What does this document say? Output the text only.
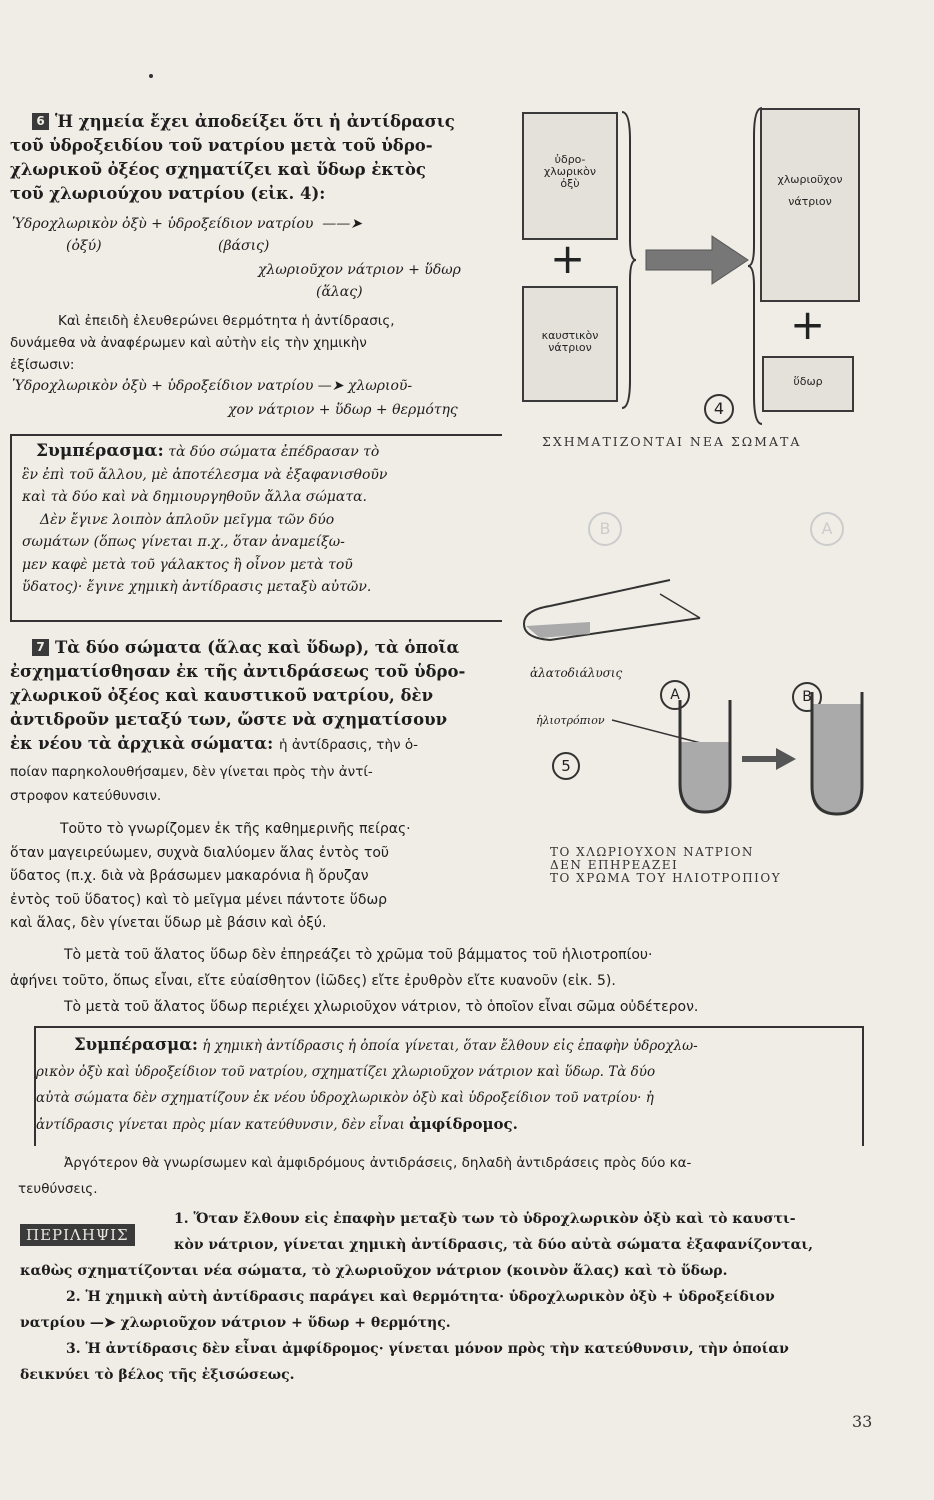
6 Ἡ χημεία ἔχει ἀποδείξει ὅτι ἡ ἀντίδρασις
τοῦ ὑδροξειδίου τοῦ νατρίου μετὰ τοῦ ὑδρο-
χλωρικοῦ ὀξέος σχηματίζει καὶ ὕδωρ ἐκτὸς
τοῦ χλωριούχου νατρίου (εἰκ. 4):
Ὑδροχλωρικὸν ὀξὺ + ὑδροξείδιον νατρίου  ——➤
(ὀξύ)	(βάσις)
χλωριοῦχον νάτριον + ὕδωρ
(ἅλας)
Καὶ ἐπειδὴ ἐλευθερώνει θερμότητα ἡ ἀντίδρασις,
δυνάμεθα νὰ ἀναφέρωμεν καὶ αὐτὴν εἰς τὴν χημικὴν
ἐξίσωσιν:
Ὑδροχλωρικὸν ὀξὺ + ὑδροξείδιον νατρίου —➤ χλωριοῦ-
χον νάτριον + ὕδωρ + θερμότης
Συμπέρασμα: τὰ δύο σώματα ἐπέδρασαν τὸ
ἓν ἐπὶ τοῦ ἄλλου, μὲ ἀποτέλεσμα νὰ ἐξαφανισθοῦν
καὶ τὰ δύο καὶ νὰ δημιουργηθοῦν ἄλλα σώματα.
Δὲν ἔγινε λοιπὸν ἁπλοῦν μεῖγμα τῶν δύο
σωμάτων (ὅπως γίνεται π.χ., ὅταν ἀναμείξω-
μεν καφὲ μετὰ τοῦ γάλακτος ἢ οἶνον μετὰ τοῦ
ὕδατος)· ἔγινε χημικὴ ἀντίδρασις μεταξὺ αὐτῶν.
7 Τὰ δύο σώματα (ἅλας καὶ ὕδωρ), τὰ ὁποῖα
ἐσχηματίσθησαν ἐκ τῆς ἀντιδράσεως τοῦ ὑδρο-
χλωρικοῦ ὀξέος καὶ καυστικοῦ νατρίου, δὲν
ἀντιδροῦν μεταξύ των, ὥστε νὰ σχηματίσουν
ἐκ νέου τὰ ἀρχικὰ σώματα: ἡ ἀντίδρασις, τὴν ὁ-
ποίαν παρηκολουθήσαμεν, δὲν γίνεται πρὸς τὴν ἀντί-
στροφον κατεύθυνσιν.
Τοῦτο τὸ γνωρίζομεν ἐκ τῆς καθημερινῆς πείρας·
ὅταν μαγειρεύωμεν, συχνὰ διαλύομεν ἅλας ἐντὸς τοῦ
ὕδατος (π.χ. διὰ νὰ βράσωμεν μακαρόνια ἢ ὄρυζαν
ἐντὸς τοῦ ὕδατος) καὶ τὸ μεῖγμα μένει πάντοτε ὕδωρ
καὶ ἅλας, δὲν γίνεται ὕδωρ μὲ βάσιν καὶ ὀξύ.
Τὸ μετὰ τοῦ ἅλατος ὕδωρ δὲν ἐπηρεάζει τὸ χρῶμα τοῦ βάμματος τοῦ ἡλιοτροπίου·
ἀφήνει τοῦτο, ὅπως εἶναι, εἴτε εὐαίσθητον (ἰῶδες) εἴτε ἐρυθρὸν εἴτε κυανοῦν (εἰκ. 5).
Τὸ μετὰ τοῦ ἅλατος ὕδωρ περιέχει χλωριοῦχον νάτριον, τὸ ὁποῖον εἶναι σῶμα οὐδέτερον.
Συμπέρασμα: ἡ χημικὴ ἀντίδρασις ἡ ὁποία γίνεται, ὅταν ἔλθουν εἰς ἐπαφὴν ὑδροχλω-
ρικὸν ὀξὺ καὶ ὑδροξείδιον τοῦ νατρίου, σχηματίζει χλωριοῦχον νάτριον καὶ ὕδωρ. Τὰ δύο
αὐτὰ σώματα δὲν σχηματίζουν ἐκ νέου ὑδροχλωρικὸν ὀξὺ καὶ ὑδροξείδιον τοῦ νατρίου· ἡ
ἀντίδρασις γίνεται πρὸς μίαν κατεύθυνσιν, δὲν εἶναι ἀμφίδρομος.
Ἀργότερον θὰ γνωρίσωμεν καὶ ἀμφιδρόμους ἀντιδράσεις, δηλαδὴ ἀντιδράσεις πρὸς δύο κα-
τευθύνσεις.
ΠΕΡΙΛΗΨΙΣ
1. Ὅταν ἔλθουν εἰς ἐπαφὴν μεταξὺ των τὸ ὑδροχλωρικὸν ὀξὺ καὶ τὸ καυστι-
κὸν νάτριον, γίνεται χημικὴ ἀντίδρασις, τὰ δύο αὐτὰ σώματα ἐξαφανίζονται,
καθὼς σχηματίζονται νέα σώματα, τὸ χλωριοῦχον νάτριον (κοινὸν ἅλας) καὶ τὸ ὕδωρ.
2. Ἡ χημικὴ αὐτὴ ἀντίδρασις παράγει καὶ θερμότητα· ὑδροχλωρικὸν ὀξὺ + ὑδροξείδιον
νατρίου —➤ χλωριοῦχον νάτριον + ὕδωρ + θερμότης.
3. Ἡ ἀντίδρασις δὲν εἶναι ἀμφίδρομος· γίνεται μόνον πρὸς τὴν κατεύθυνσιν, τὴν ὁποίαν
δεικνύει τὸ βέλος τῆς ἐξισώσεως.
ὑδρο-
χλωρικὸν
ὀξὺ
+
καυστικὸν
νάτριον
χλωριοῦχον
νάτριον
+
ὕδωρ
4
ΣΧΗΜΑΤΙΖΟΝΤΑΙ ΝΕΑ ΣΩΜΑΤΑ
B	A
ἁλατοδιάλυσις
ἡλιοτρόπιον
A	B
5
ΤΟ ΧΛΩΡΙΟΥΧΟΝ ΝΑΤΡΙΟΝ
ΔΕΝ ΕΠΗΡΕΑΖΕΙ
ΤΟ ΧΡΩΜΑ ΤΟΥ ΗΛΙΟΤΡΟΠΙΟΥ
33
